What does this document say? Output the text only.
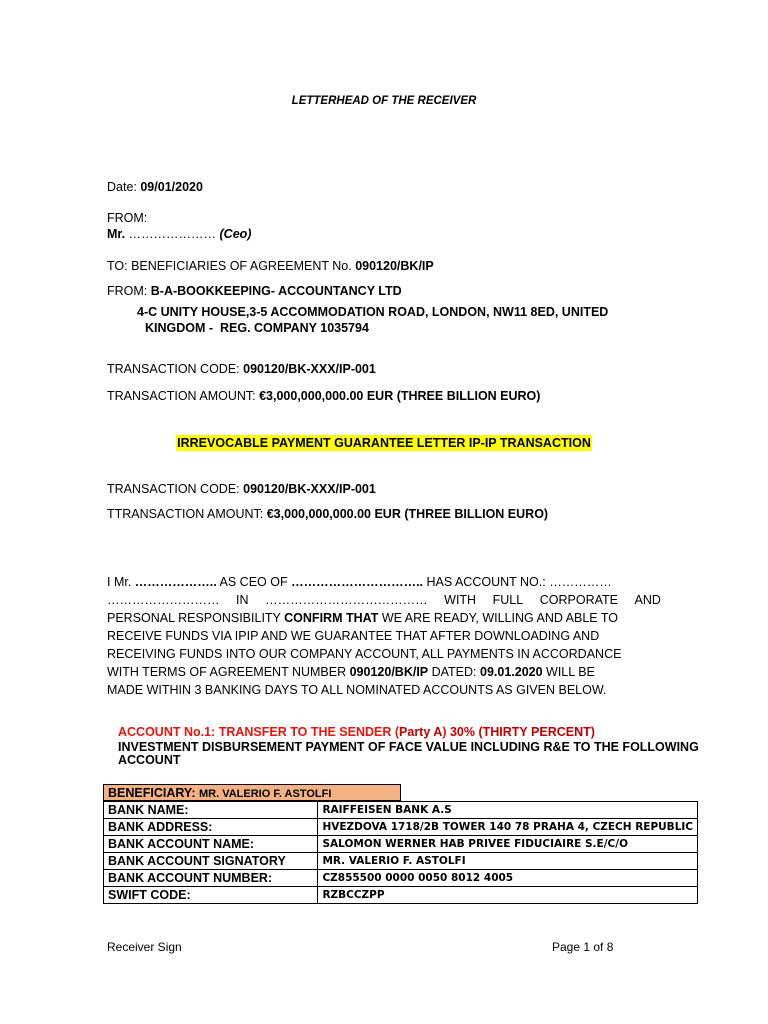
LETTERHEAD OF THE RECEIVER
Date: 09/01/2020
FROM:
Mr. ………………… (Ceo)
TO: BENEFICIARIES OF AGREEMENT No. 090120/BK/IP
FROM: B-A-BOOKKEEPING- ACCOUNTANCY LTD
4-C UNITY HOUSE,3-5 ACCOMMODATION ROAD, LONDON, NW11 8ED, UNITED
KINGDOM -  REG. COMPANY 1035794
TRANSACTION CODE: 090120/BK-XXX/IP-001
TRANSACTION AMOUNT: €3,000,000,000.00 EUR (THREE BILLION EURO)
IRREVOCABLE PAYMENT GUARANTEE LETTER IP-IP TRANSACTION
TRANSACTION CODE: 090120/BK-XXX/IP-001
TTRANSACTION AMOUNT: €3,000,000,000.00 EUR (THREE BILLION EURO)
I Mr. ……………….. AS CEO OF ………………………….. HAS ACCOUNT NO.: ……………
……………………… IN ………………………………… WITH FULL CORPORATE AND
PERSONAL RESPONSIBILITY CONFIRM THAT WE ARE READY, WILLING AND ABLE TO
RECEIVE FUNDS VIA IPIP AND WE GUARANTEE THAT AFTER DOWNLOADING AND
RECEIVING FUNDS INTO OUR COMPANY ACCOUNT, ALL PAYMENTS IN ACCORDANCE
WITH TERMS OF AGREEMENT NUMBER 090120/BK/IP DATED: 09.01.2020 WILL BE
MADE WITHIN 3 BANKING DAYS TO ALL NOMINATED ACCOUNTS AS GIVEN BELOW.
ACCOUNT No.1: TRANSFER TO THE SENDER (Party A) 30% (THIRTY PERCENT)
INVESTMENT DISBURSEMENT PAYMENT OF FACE VALUE INCLUDING R&E TO THE FOLLOWING
ACCOUNT
BENEFICIARY: MR. VALERIO F. ASTOLFI
BANK NAME:	RAIFFEISEN BANK A.S
BANK ADDRESS:	HVEZDOVA 1718/2B TOWER 140 78 PRAHA 4, CZECH REPUBLIC
BANK ACCOUNT NAME:	SALOMON WERNER HAB PRIVEE FIDUCIAIRE S.E/C/O
BANK ACCOUNT SIGNATORY	MR. VALERIO F. ASTOLFI
BANK ACCOUNT NUMBER:	CZ855500 0000 0050 8012 4005
SWIFT CODE:	RZBCCZPP
Receiver Sign	Page 1 of 8
